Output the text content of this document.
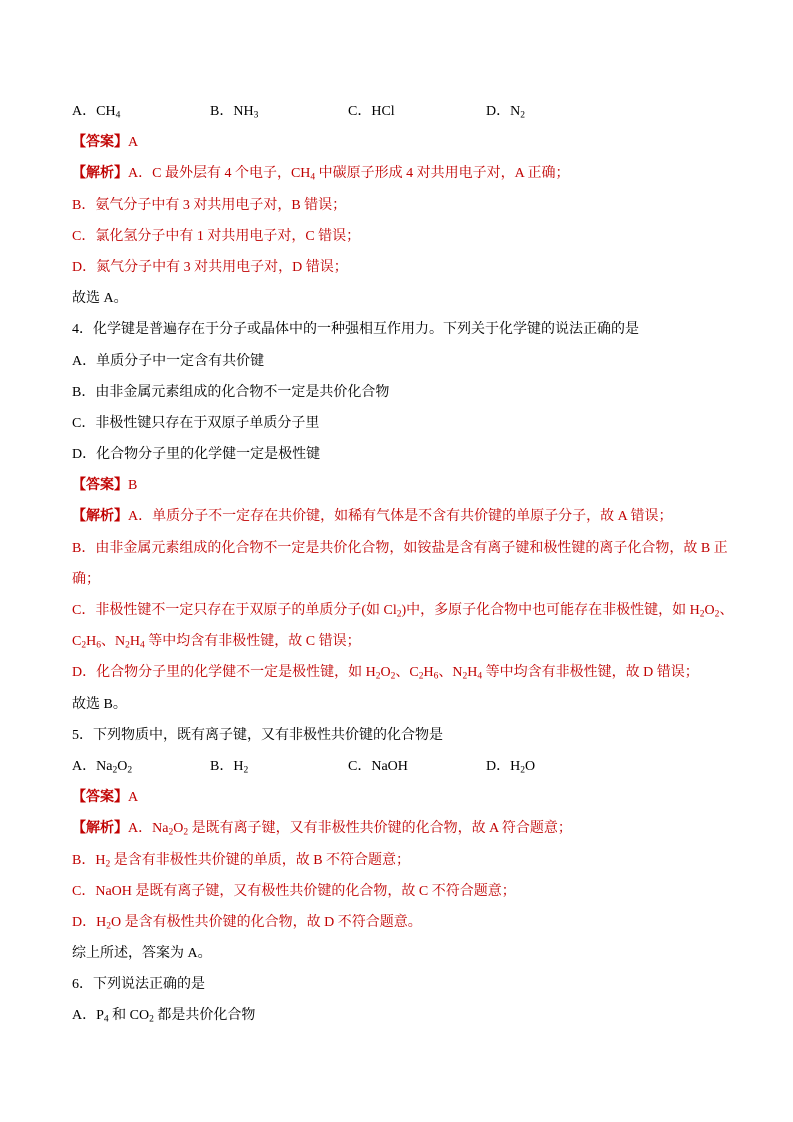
A．$CH_4$	B．$NH_3$	C．HCl	D．$N_2$
【答案】A
【解析】A．C 最外层有 4 个电子，$CH_4$ 中碳原子形成 4 对共用电子对，A 正确；
B．氨气分子中有 3 对共用电子对，B 错误；
C．氯化氢分子中有 1 对共用电子对，C 错误；
D．氮气分子中有 3 对共用电子对，D 错误；
故选 A。
4．化学键是普遍存在于分子或晶体中的一种强相互作用力。下列关于化学键的说法正确的是
A．单质分子中一定含有共价键
B．由非金属元素组成的化合物不一定是共价化合物
C．非极性键只存在于双原子单质分子里
D．化合物分子里的化学健一定是极性键
【答案】B
【解析】A．单质分子不一定存在共价键，如稀有气体是不含有共价键的单原子分子，故 A 错误；
B．由非金属元素组成的化合物不一定是共价化合物，如铵盐是含有离子键和极性键的离子化合物，故 B 正
确；
C．非极性键不一定只存在于双原子的单质分子(如 $Cl_2$)中，多原子化合物中也可能存在非极性键，如 $H_2O_2$、
$C_2H_6$、$N_2H_4$ 等中均含有非极性键，故 C 错误；
D．化合物分子里的化学健不一定是极性键，如 $H_2O_2$、$C_2H_6$、$N_2H_4$ 等中均含有非极性键，故 D 错误；
故选 B。
5．下列物质中，既有离子键，又有非极性共价键的化合物是
A．$Na_2O_2$	B．$H_2$	C．NaOH	D．$H_2O$
【答案】A
【解析】A．$Na_2O_2$ 是既有离子键，又有非极性共价键的化合物，故 A 符合题意；
B．$H_2$ 是含有非极性共价键的单质，故 B 不符合题意；
C．NaOH 是既有离子键，又有极性共价键的化合物，故 C 不符合题意；
D．$H_2O$ 是含有极性共价键的化合物，故 D 不符合题意。
综上所述，答案为 A。
6．下列说法正确的是
A．$P_4$ 和 $CO_2$ 都是共价化合物
